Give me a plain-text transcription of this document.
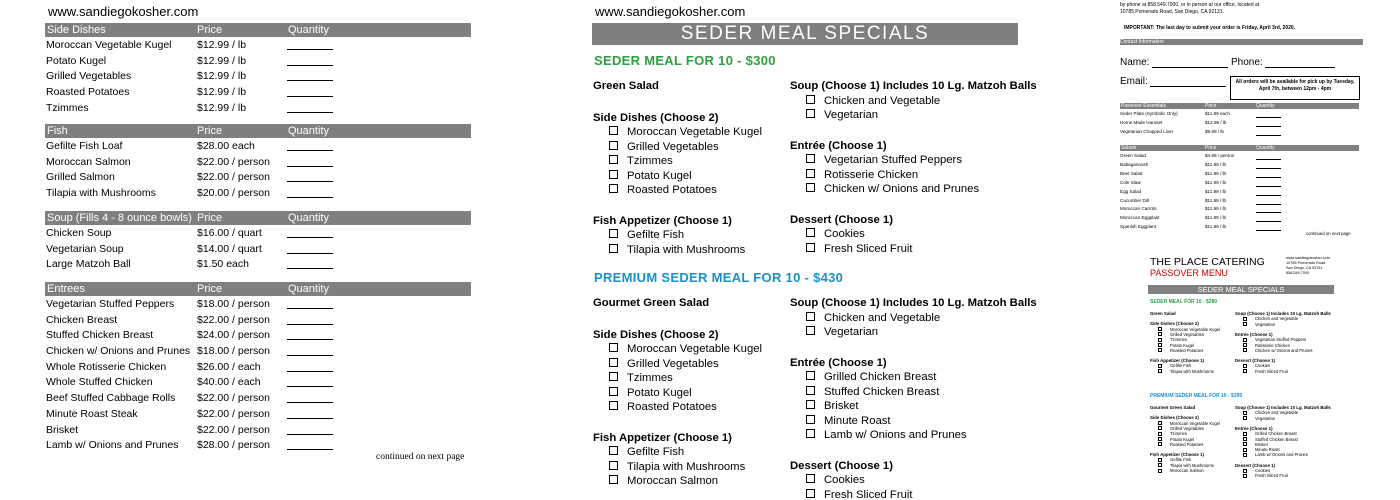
www.sandiegokosher.com
Side Dishes	Price	Quantity
Moroccan Vegetable Kugel $12.99 / lb
Potato Kugel	$12.99 / lb
Grilled Vegetables	$12.99 / lb
Roasted Potatoes	$12.99 / lb
Tzimmes	$12.99 / lb
Fish	Price	Quantity
Gefilte Fish Loaf	$28.00 each
Moroccan Salmon	$22.00 / person
Grilled Salmon	$22.00 / person
Tilapia with Mushrooms	$20.00 / person
Soup (Fills 4 - 8 ounce bowls) Price	Quantity
Chicken Soup	$16.00 / quart
Vegetarian Soup	$14.00 / quart
Large Matzoh Ball	$1.50 each
Entrees	Price	Quantity
Vegetarian Stuffed Peppers $18.00 / person
Chicken Breast	$22.00 / person
Stuffed Chicken Breast	$24.00 / person
Chicken w/ Onions and Prunes $18.00 / person
Whole Rotisserie Chicken	$26.00 / each
Whole Stuffed Chicken	$40.00 / each
Beef Stuffed Cabbage Rolls $22.00 / person
Minute Roast Steak	$22.00 / person
Brisket	$22.00 / person
Lamb w/ Onions and Prunes $28.00 / person
continued on next page
www.sandiegokosher.com
SEDER MEAL SPECIALS
SEDER MEAL FOR 10 - $300
Green Salad
Side Dishes (Choose 2)
Moroccan Vegetable Kugel
Grilled Vegetables
Tzimmes
Potato Kugel
Roasted Potatoes
Fish Appetizer (Choose 1)
Gefilte Fish
Tilapia with Mushrooms
Soup (Choose 1) Includes 10 Lg. Matzoh Balls
Chicken and Vegetable
Vegetarian
Entrée (Choose 1)
Vegetarian Stuffed Peppers
Rotisserie Chicken
Chicken w/ Onions and Prunes
Dessert (Choose 1)
Cookies
Fresh Sliced Fruit
PREMIUM SEDER MEAL FOR 10 - $430
Gourmet Green Salad
Side Dishes (Choose 2)
Moroccan Vegetable Kugel
Grilled Vegetables
Tzimmes
Potato Kugel
Roasted Potatoes
Fish Appetizer (Choose 1)
Gefilte Fish
Tilapia with Mushrooms
Moroccan Salmon
Soup (Choose 1) Includes 10 Lg. Matzoh Balls
Chicken and Vegetable
Vegetarian
Entrée (Choose 1)
Grilled Chicken Breast
Stuffed Chicken Breast
Brisket
Minute Roast
Lamb w/ Onions and Prunes
Dessert (Choose 1)
Cookies
Fresh Sliced Fruit
by phone at 858.549.7000, or in person at our office, located at
10785 Pomerado Road, San Diego, CA 92131.
IMPORTANT: The last day to submit your order is Friday, April 3rd, 2020.
Contact Information
Name:	Phone:
Email:	All orders will be available for pick up by Tuesday, April 7th, between 12pm - 4pm
Passover Essentials	Price	Quantity
Seder Plate (Symbolic Only)	$11.99 each
Home Made Haroset	$12.99 / lb
Vegetarian Chopped Liver	$9.99 / lb
Salads	Price	Quantity
Green Salad	$4.99 / person
Babaganoush	$11.99 / lb
Beet Salad	$11.99 / lb
Cole Slaw	$11.99 / lb
Egg Salad	$11.99 / lb
Cucumber Dill	$11.99 / lb
Moroccan Carrots	$11.99 / lb
Moroccan Eggplant	$11.99 / lb
Spanish Eggplant	$11.99 / lb
continued on next page
THE PLACE CATERING
PASSOVER MENU
www.sandiegokosher.com
10785 Pomerado Road
San Diego, CA 92131
858.549.7000
SEDER MEAL SPECIALS
SEDER MEAL FOR 10 - $280
PREMIUM SEDER MEAL FOR 10 - $395
Green Salad
Side Dishes (Choose 2)
Moroccan Vegetable Kugel
Grilled Vegetables
Tzimmes
Potato Kugel
Roasted Potatoes
Fish Appetizer (Choose 1)
Gefilte Fish
Tilapia with Mushrooms
Soup (Choose 1) Includes 10 Lg. Matzoh Balls
Chicken and Vegetable
Vegetarian
Entrée (Choose 1)
Vegetarian Stuffed Peppers
Rotisserie Chicken
Chicken w/ Onions and Prunes
Dessert (Choose 1)
Cookies
Fresh Sliced Fruit
Gourmet Green Salad
Side Dishes (Choose 2)
Moroccan Vegetable Kugel
Grilled Vegetables
Tzimmes
Potato Kugel
Roasted Potatoes
Fish Appetizer (Choose 1)
Gefilte Fish
Tilapia with Mushrooms
Moroccan Salmon
Soup (Choose 1) Includes 10 Lg. Matzoh Balls
Chicken and Vegetable
Vegetarian
Entrée (Choose 1)
Grilled Chicken Breast
Stuffed Chicken Breast
Brisket
Minute Roast
Lamb w/ Onions and Prunes
Dessert (Choose 1)
Cookies
Fresh Sliced Fruit
